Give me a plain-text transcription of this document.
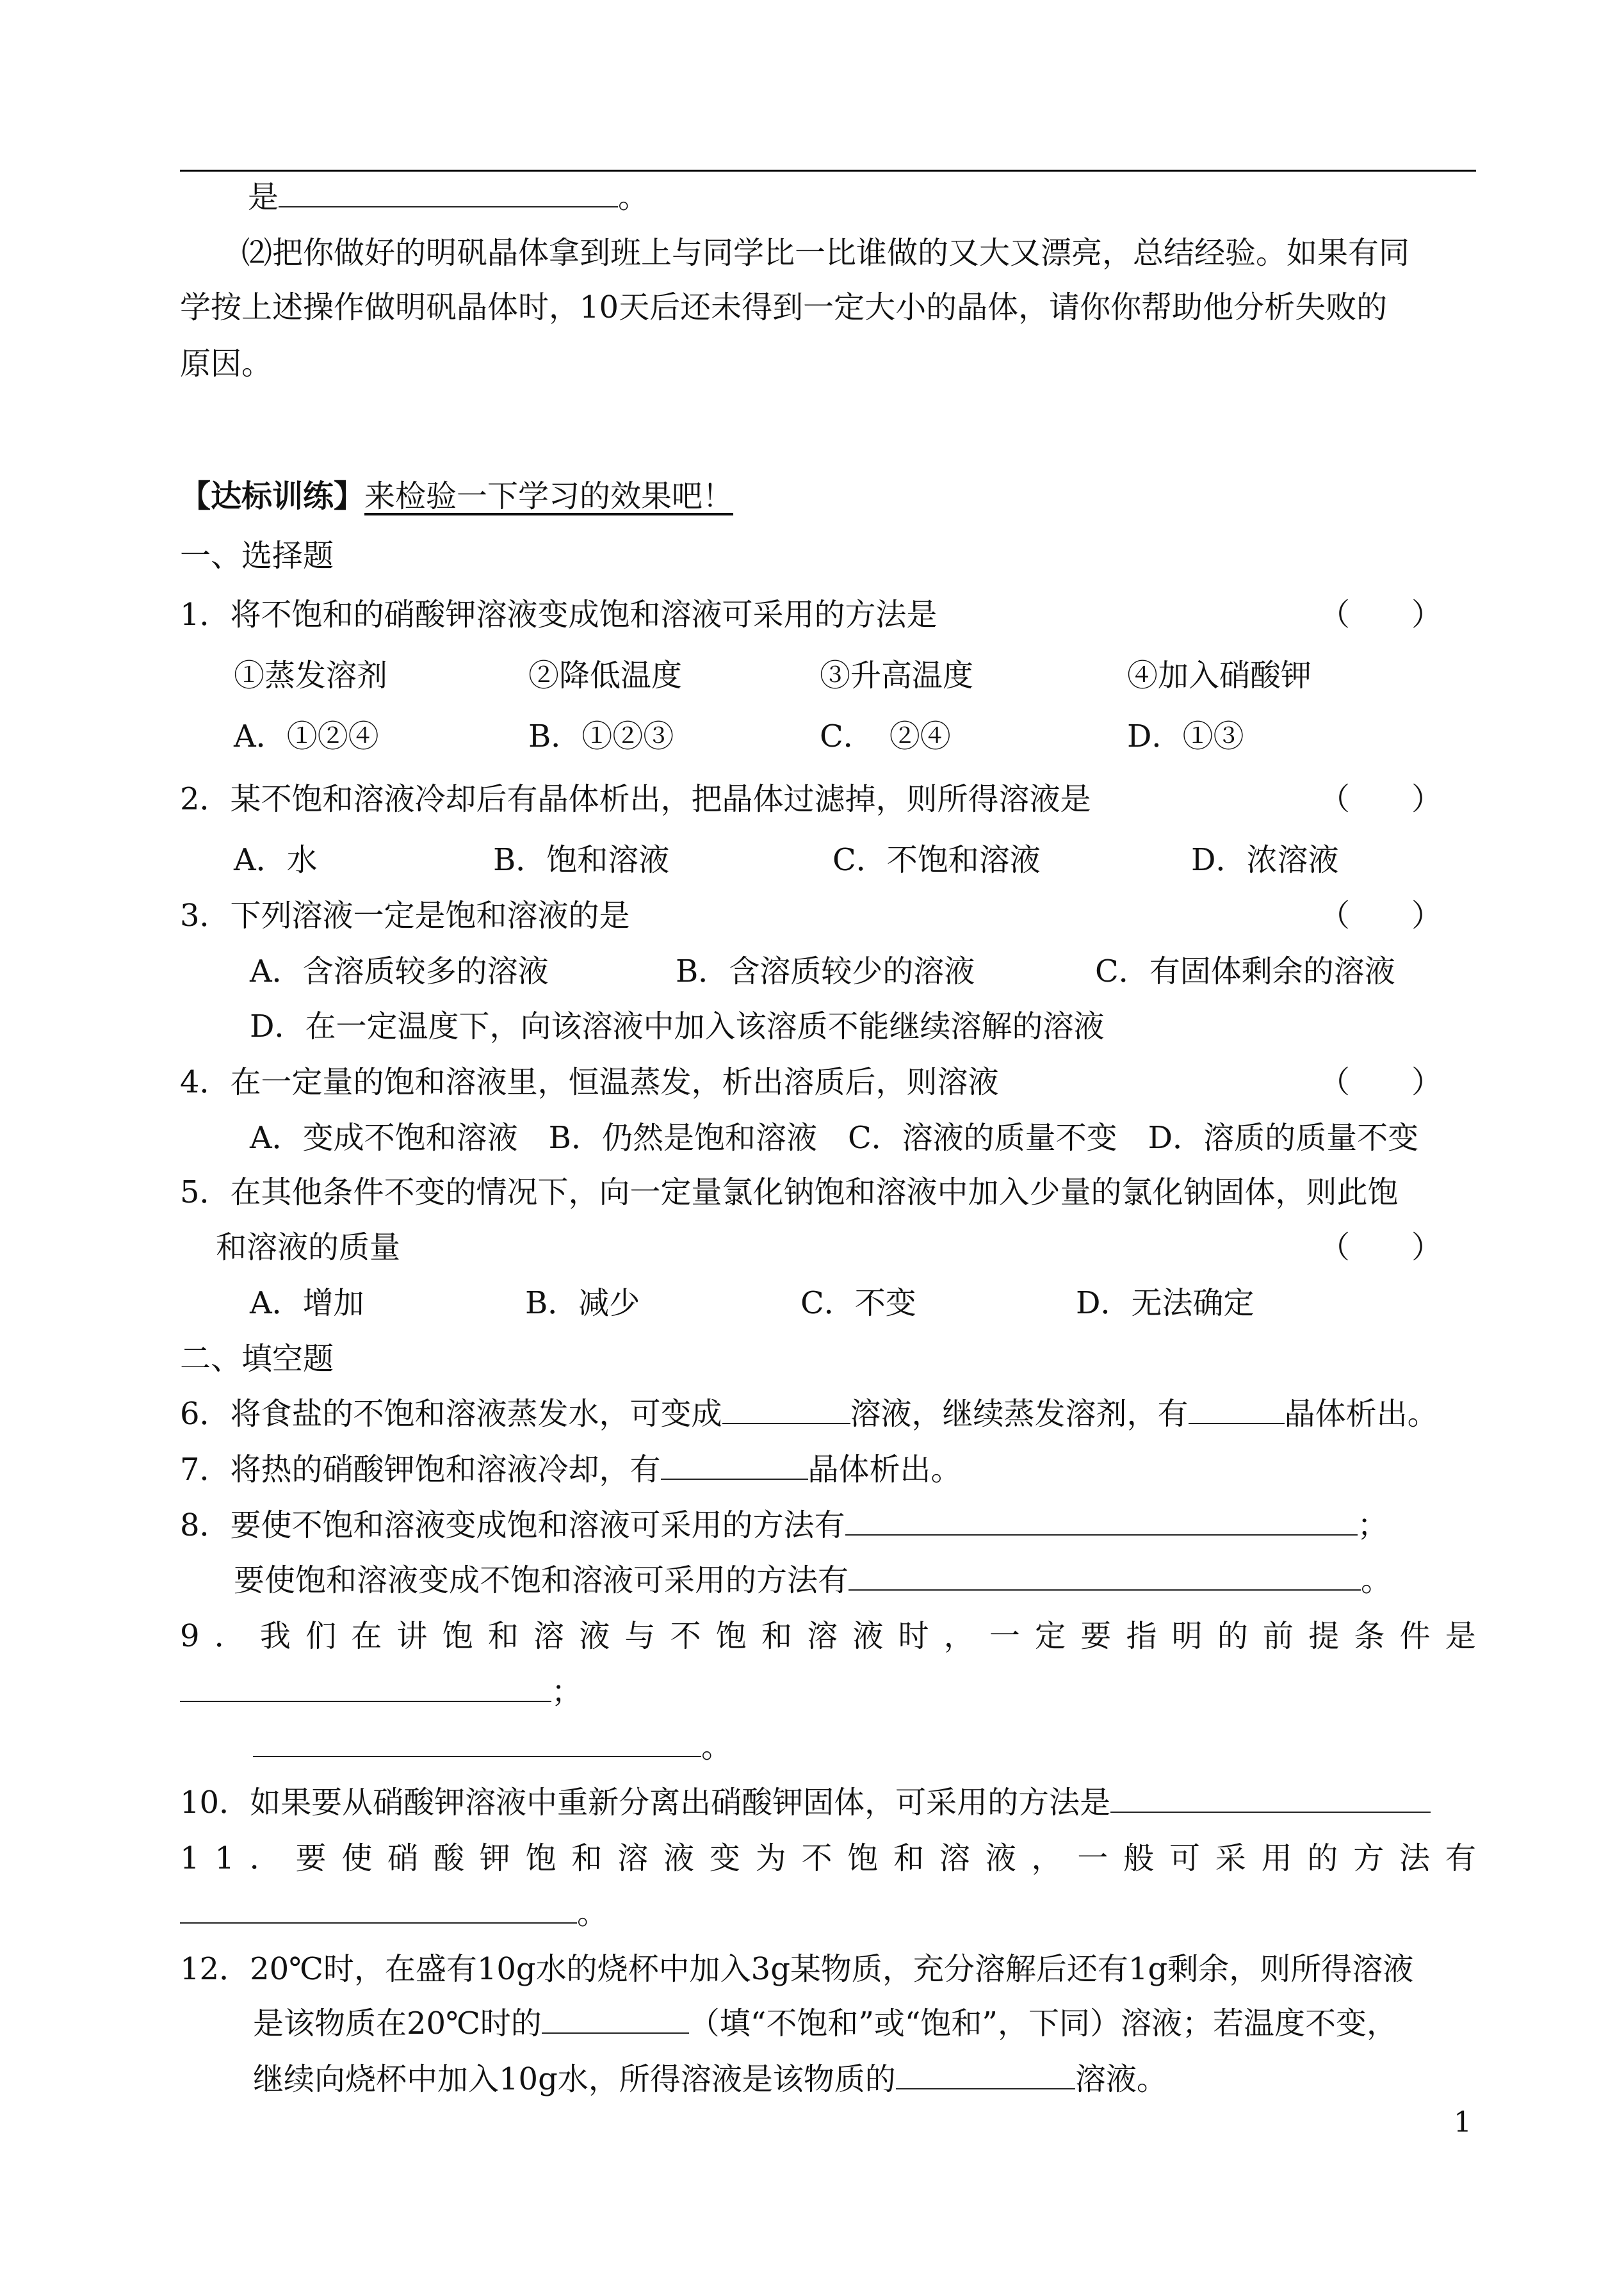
是	。
⑵把你做好的明矾晶体拿到班上与同学比一比谁做的又大又漂亮，总结经验。如果有同
学按上述操作做明矾晶体时，10天后还未得到一定大小的晶体，请你你帮助他分析失败的
原因。
【达标训练】来检验一下学习的效果吧！
一、选择题
1．将不饱和的硝酸钾溶液变成饱和溶液可采用的方法是	（　　）
①蒸发溶剂	②降低温度	③升高温度	④加入硝酸钾
A．①②④	B．①②③	C．　②④	D．①③
2．某不饱和溶液冷却后有晶体析出，把晶体过滤掉，则所得溶液是	（　　）
A．水	B．饱和溶液	C．不饱和溶液	D．浓溶液
3．下列溶液一定是饱和溶液的是	（　　）
A．含溶质较多的溶液	B．含溶质较少的溶液	C．有固体剩余的溶液
D．在一定温度下，向该溶液中加入该溶质不能继续溶解的溶液
4．在一定量的饱和溶液里，恒温蒸发，析出溶质后，则溶液	（　　）
A．变成不饱和溶液　B．仍然是饱和溶液　C．溶液的质量不变　D．溶质的质量不变
5．在其他条件不变的情况下，向一定量氯化钠饱和溶液中加入少量的氯化钠固体，则此饱
和溶液的质量	（　　）
A．增加	B．减少	C．不变	D．无法确定
二、填空题
6．将食盐的不饱和溶液蒸发水，可变成	溶液，继续蒸发溶剂，有	晶体析出。
7．将热的硝酸钾饱和溶液冷却，有	晶体析出。
8．要使不饱和溶液变成饱和溶液可采用的方法有	；
要使饱和溶液变成不饱和溶液可采用的方法有	。
9 ． 我 们 在 讲 饱 和 溶 液 与 不 饱 和 溶 液 时 ， 一 定 要 指 明 的 前 提 条 件 是
；
。
10．如果要从硝酸钾溶液中重新分离出硝酸钾固体，可采用的方法是
1 1 ． 要 使 硝 酸 钾 饱 和 溶 液 变 为 不 饱 和 溶 液 ， 一 般 可 采 用 的 方 法 有
。
12．20℃时，在盛有10g水的烧杯中加入3g某物质，充分溶解后还有1g剩余，则所得溶液
是该物质在20℃时的	（填“不饱和”或“饱和”，下同）溶液；若温度不变，
继续向烧杯中加入10g水，所得溶液是该物质的	溶液。
1
